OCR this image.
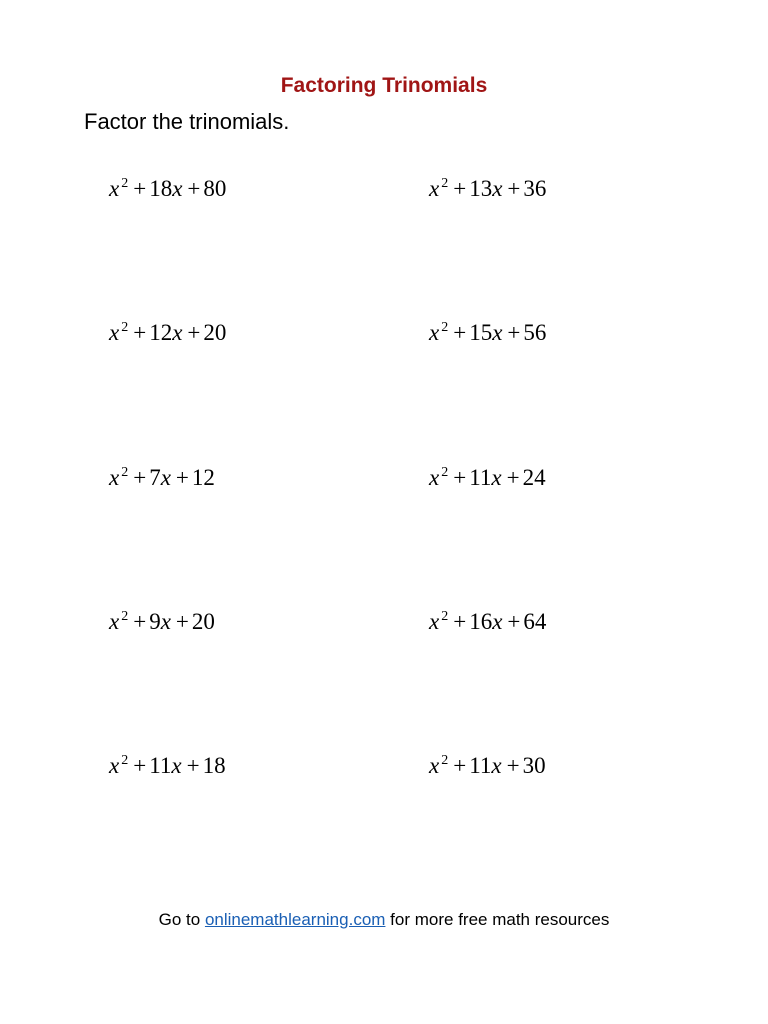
Factoring Trinomials

Factor the trinomials.

x $^2$ + 18x + 80	x $^2$ + 13x + 36
x $^2$ + 12x + 20	x $^2$ + 15x + 56
x $^2$ + 7x + 12	x $^2$ + 11x + 24
x $^2$ + 9x + 20	x $^2$ + 16x + 64
x $^2$ + 11x + 18	x $^2$ + 11x + 30

Go to onlinemathlearning.com for more free math resources
